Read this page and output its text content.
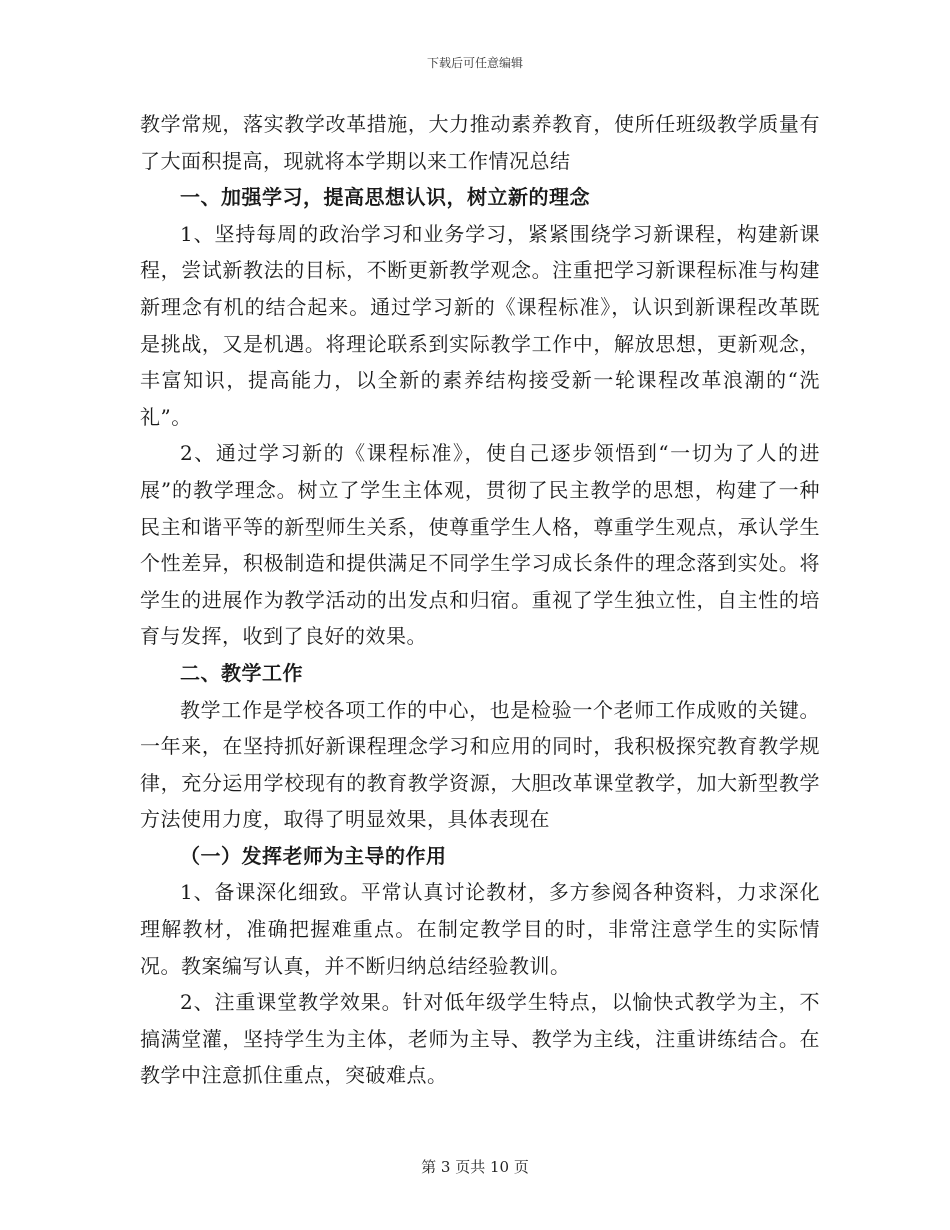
下载后可任意编辑

教学常规，落实教学改革措施，大力推动素养教育，使所任班级教学质量有了大面积提高，现就将本学期以来工作情况总结

一、加强学习，提高思想认识，树立新的理念

1、坚持每周的政治学习和业务学习，紧紧围绕学习新课程，构建新课程，尝试新教法的目标，不断更新教学观念。注重把学习新课程标准与构建新理念有机的结合起来。通过学习新的《课程标准》，认识到新课程改革既是挑战，又是机遇。将理论联系到实际教学工作中，解放思想，更新观念，丰富知识，提高能力，以全新的素养结构接受新一轮课程改革浪潮的“洗礼”。

2、通过学习新的《课程标准》，使自己逐步领悟到“一切为了人的进展”的教学理念。树立了学生主体观，贯彻了民主教学的思想，构建了一种民主和谐平等的新型师生关系，使尊重学生人格，尊重学生观点，承认学生个性差异，积极制造和提供满足不同学生学习成长条件的理念落到实处。将学生的进展作为教学活动的出发点和归宿。重视了学生独立性，自主性的培育与发挥，收到了良好的效果。

二、教学工作

教学工作是学校各项工作的中心，也是检验一个老师工作成败的关键。一年来，在坚持抓好新课程理念学习和应用的同时，我积极探究教育教学规律，充分运用学校现有的教育教学资源，大胆改革课堂教学，加大新型教学方法使用力度，取得了明显效果，具体表现在

（一）发挥老师为主导的作用

1、备课深化细致。平常认真讨论教材，多方参阅各种资料，力求深化理解教材，准确把握难重点。在制定教学目的时，非常注意学生的实际情况。教案编写认真，并不断归纳总结经验教训。

2、注重课堂教学效果。针对低年级学生特点，以愉快式教学为主，不搞满堂灌，坚持学生为主体，老师为主导、教学为主线，注重讲练结合。在教学中注意抓住重点，突破难点。

第 3 页共 10 页
